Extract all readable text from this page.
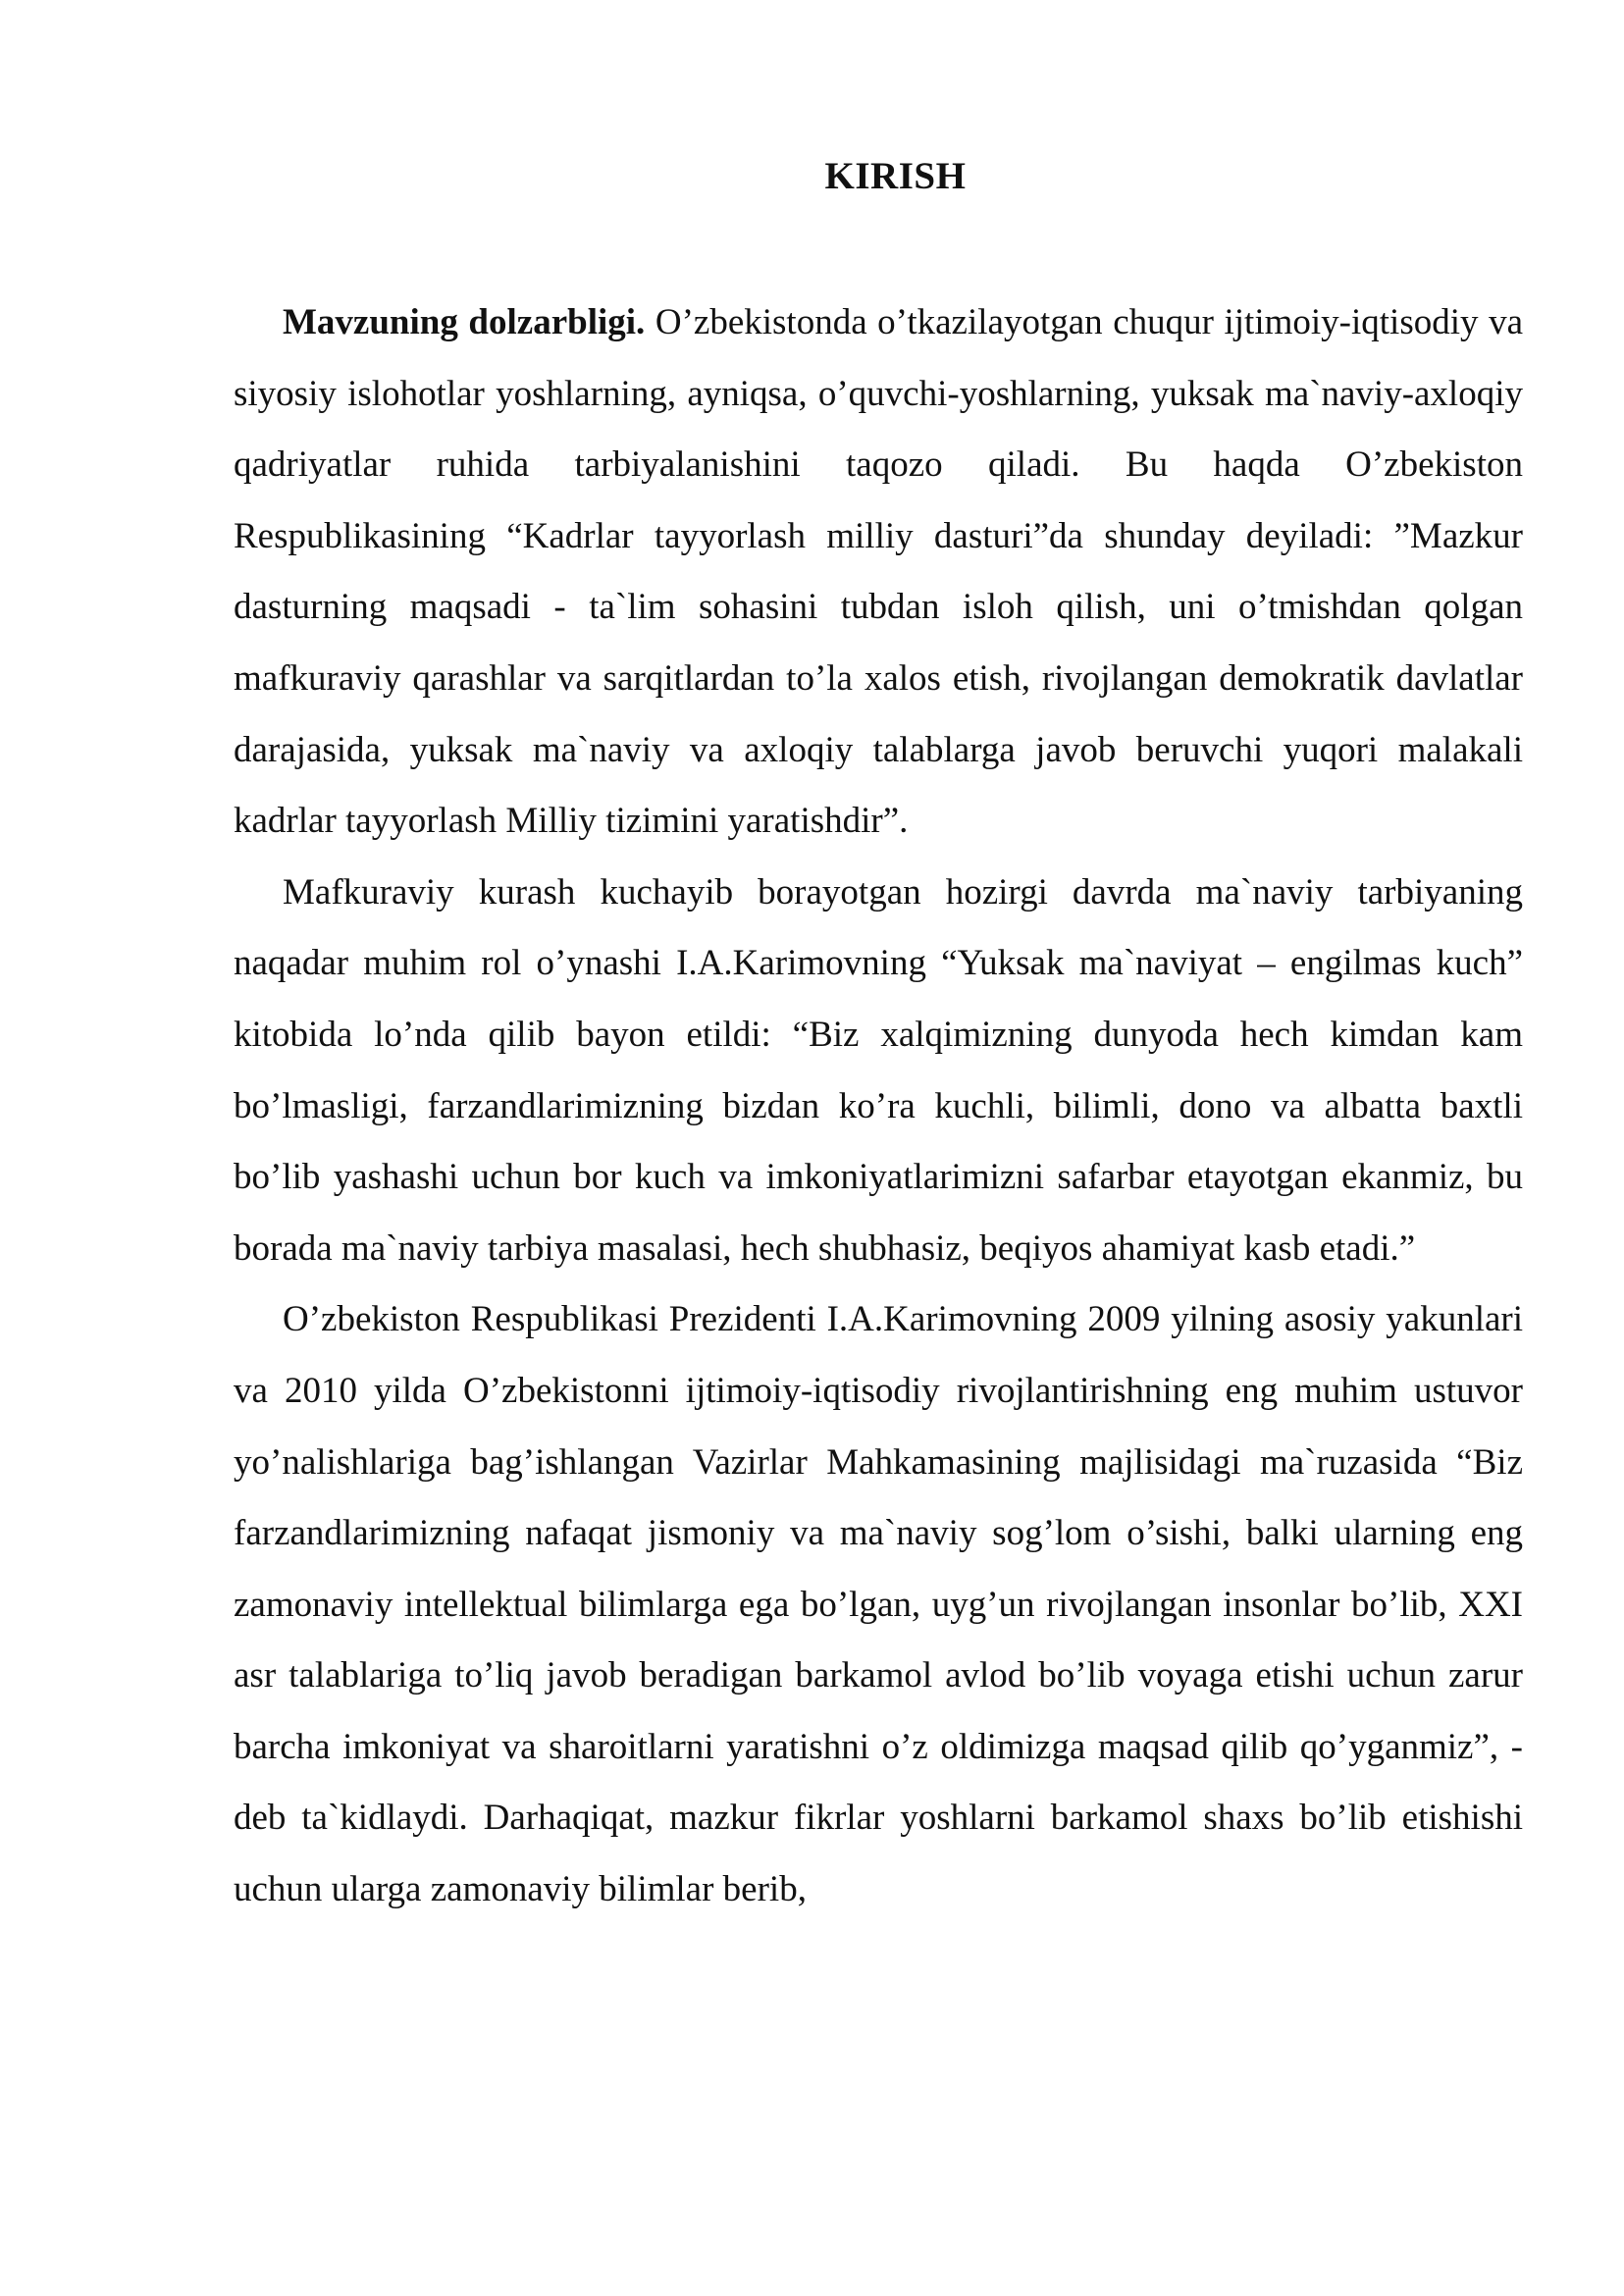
KIRISH

Mavzuning dolzarbligi. O’zbekistonda o’tkazilayotgan chuqur ijtimoiy-iqtisodiy va siyosiy islohotlar yoshlarning, ayniqsa, o’quvchi-yoshlarning, yuksak ma`naviy-axloqiy qadriyatlar ruhida tarbiyalanishini taqozo qiladi. Bu haqda O’zbekiston Respublikasining “Kadrlar tayyorlash milliy dasturi”da shunday deyiladi: ”Mazkur dasturning maqsadi - ta`lim sohasini tubdan isloh qilish, uni o’tmishdan qolgan mafkuraviy qarashlar va sarqitlardan to’la xalos etish, rivojlangan demokratik davlatlar darajasida, yuksak ma`naviy va axloqiy talablarga javob beruvchi yuqori malakali kadrlar tayyorlash Milliy tizimini yaratishdir”.

Mafkuraviy kurash kuchayib borayotgan hozirgi davrda ma`naviy tarbiyaning naqadar muhim rol o’ynashi I.A.Karimovning “Yuksak ma`naviyat – engilmas kuch” kitobida lo’nda qilib bayon etildi: “Biz xalqimizning dunyoda hech kimdan kam bo’lmasligi, farzandlarimizning bizdan ko’ra kuchli, bilimli, dono va albatta baxtli bo’lib yashashi uchun bor kuch va imkoniyatlarimizni safarbar etayotgan ekanmiz, bu borada ma`naviy tarbiya masalasi, hech shubhasiz, beqiyos ahamiyat kasb etadi.”

O’zbekiston Respublikasi Prezidenti I.A.Karimovning 2009 yilning asosiy yakunlari va 2010 yilda O’zbekistonni ijtimoiy-iqtisodiy rivojlantirishning eng muhim ustuvor yo’nalishlariga bag’ishlangan Vazirlar Mahkamasining majlisidagi ma`ruzasida “Biz farzandlarimizning nafaqat jismoniy va ma`naviy sog’lom o’sishi, balki ularning eng zamonaviy intellektual bilimlarga ega bo’lgan, uyg’un rivojlangan insonlar bo’lib, XXI asr talablariga to’liq javob beradigan barkamol avlod bo’lib voyaga etishi uchun zarur barcha imkoniyat va sharoitlarni yaratishni o’z oldimizga maqsad qilib qo’yganmiz”, - deb ta`kidlaydi. Darhaqiqat, mazkur fikrlar yoshlarni barkamol shaxs bo’lib etishishi uchun ularga zamonaviy bilimlar berib,
